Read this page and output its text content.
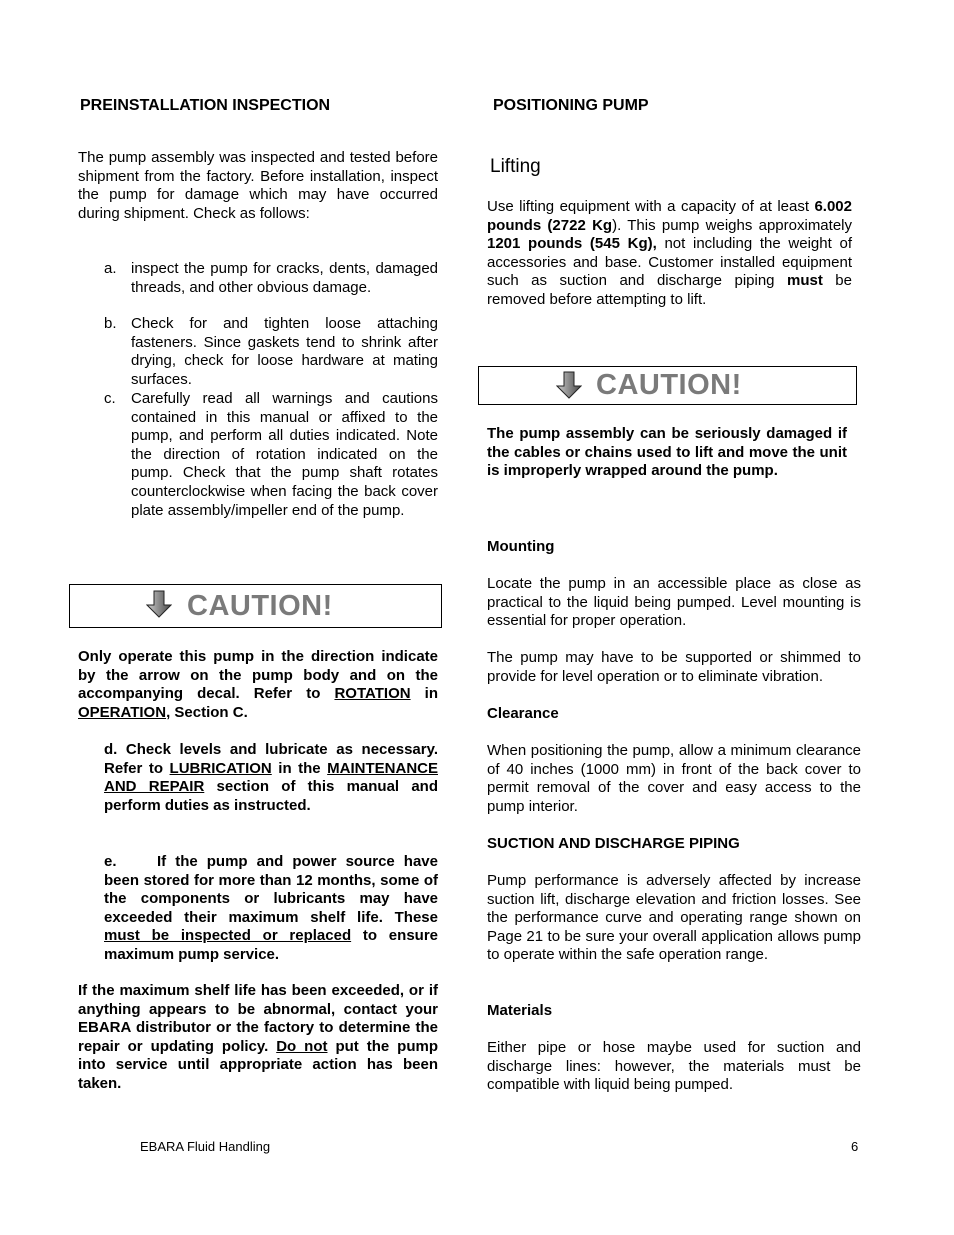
PREINSTALLATION INSPECTION
The pump assembly was inspected and tested before shipment from the factory. Before installation, inspect the pump for damage which may have occurred during shipment. Check as follows:
a. inspect the pump for cracks, dents, damaged threads, and other obvious damage.
b. Check for and tighten loose attaching fasteners. Since gaskets tend to shrink after drying, check for loose hardware at mating surfaces.
c. Carefully read all warnings and cautions contained in this manual or affixed to the pump, and perform all duties indicated. Note the direction of rotation indicated on the pump. Check that the pump shaft rotates counterclockwise when facing the back cover plate assembly/impeller end of the pump.
CAUTION!
Only operate this pump in the direction indicate by the arrow on the pump body and on the accompanying decal. Refer to ROTATION in OPERATION, Section C.
d. Check levels and lubricate as necessary. Refer to LUBRICATION in the MAINTENANCE AND REPAIR section of this manual and perform duties as instructed.
e.	If the pump and power source have been stored for more than 12 months, some of the components or lubricants may have exceeded their maximum shelf life. These must be inspected or replaced to ensure maximum pump service.
If the maximum shelf life has been exceeded, or if anything appears to be abnormal, contact your EBARA distributor or the factory to determine the repair or updating policy. Do not put the pump into service until appropriate action has been taken.
POSITIONING PUMP
Lifting
Use lifting equipment with a capacity of at least 6.002 pounds (2722 Kg). This pump weighs approximately 1201 pounds (545 Kg), not including the weight of accessories and base. Customer installed equipment such as suction and discharge piping must be removed before attempting to lift.
CAUTION!
The pump assembly can be seriously damaged if the cables or chains used to lift and move the unit is improperly wrapped around the pump.
Mounting
Locate the pump in an accessible place as close as practical to the liquid being pumped. Level mounting is essential for proper operation.
The pump may have to be supported or shimmed to provide for level operation or to eliminate vibration.
Clearance
When positioning the pump, allow a minimum clearance of 40 inches (1000 mm) in front of the back cover to permit removal of the cover and easy access to the pump interior.
SUCTION AND DISCHARGE PIPING
Pump performance is adversely affected by increase suction lift, discharge elevation and friction losses. See the performance curve and operating range shown on Page 21 to be sure your overall application allows pump to operate within the safe operation range.
Materials
Either pipe or hose maybe used for suction and discharge lines: however, the materials must be compatible with liquid being pumped.
EBARA Fluid Handling	6
